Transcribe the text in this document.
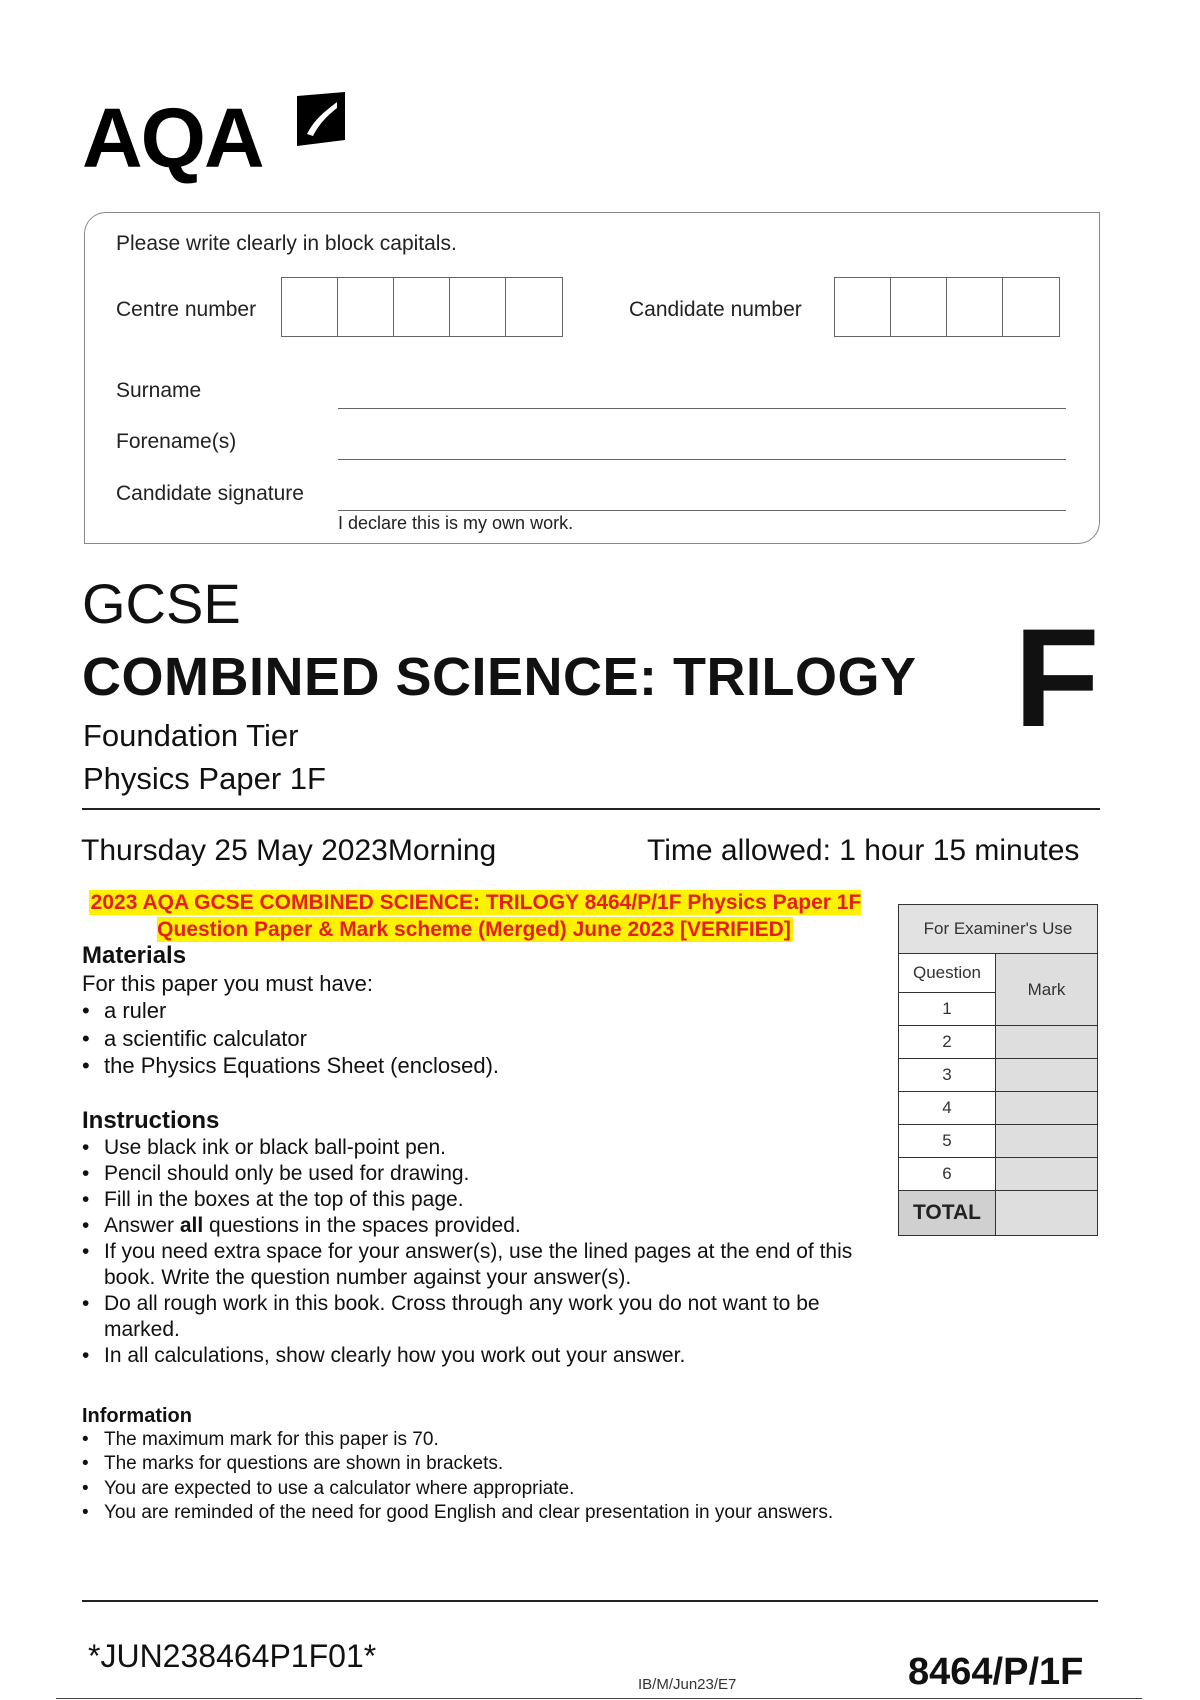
AQA
Please write clearly in block capitals.
Centre number	Candidate number
Surname
Forename(s)
Candidate signature
I declare this is my own work.
GCSE
COMBINED SCIENCE: TRILOGY
Foundation Tier
Physics Paper 1F
F
Thursday 25 May 2023Morning	Time allowed: 1 hour 15 minutes
2023 AQA GCSE COMBINED SCIENCE: TRILOGY 8464/P/1F Physics Paper 1F Question Paper & Mark scheme (Merged) June 2023 [VERIFIED]
Materials
For this paper you must have:
• a ruler
• a scientific calculator
• the Physics Equations Sheet (enclosed).
Instructions
• Use black ink or black ball-point pen.
• Pencil should only be used for drawing.
• Fill in the boxes at the top of this page.
• Answer all questions in the spaces provided.
• If you need extra space for your answer(s), use the lined pages at the end of this book. Write the question number against your answer(s).
• Do all rough work in this book. Cross through any work you do not want to be marked.
• In all calculations, show clearly how you work out your answer.
Information
• The maximum mark for this paper is 70.
• The marks for questions are shown in brackets.
• You are expected to use a calculator where appropriate.
• You are reminded of the need for good English and clear presentation in your answers.
For Examiner's Use	
Question	Mark
1	
2	
3	
4	
5	
6	
TOTAL	
*JUN238464P1F01*
IB/M/Jun23/E7	8464/P/1F
